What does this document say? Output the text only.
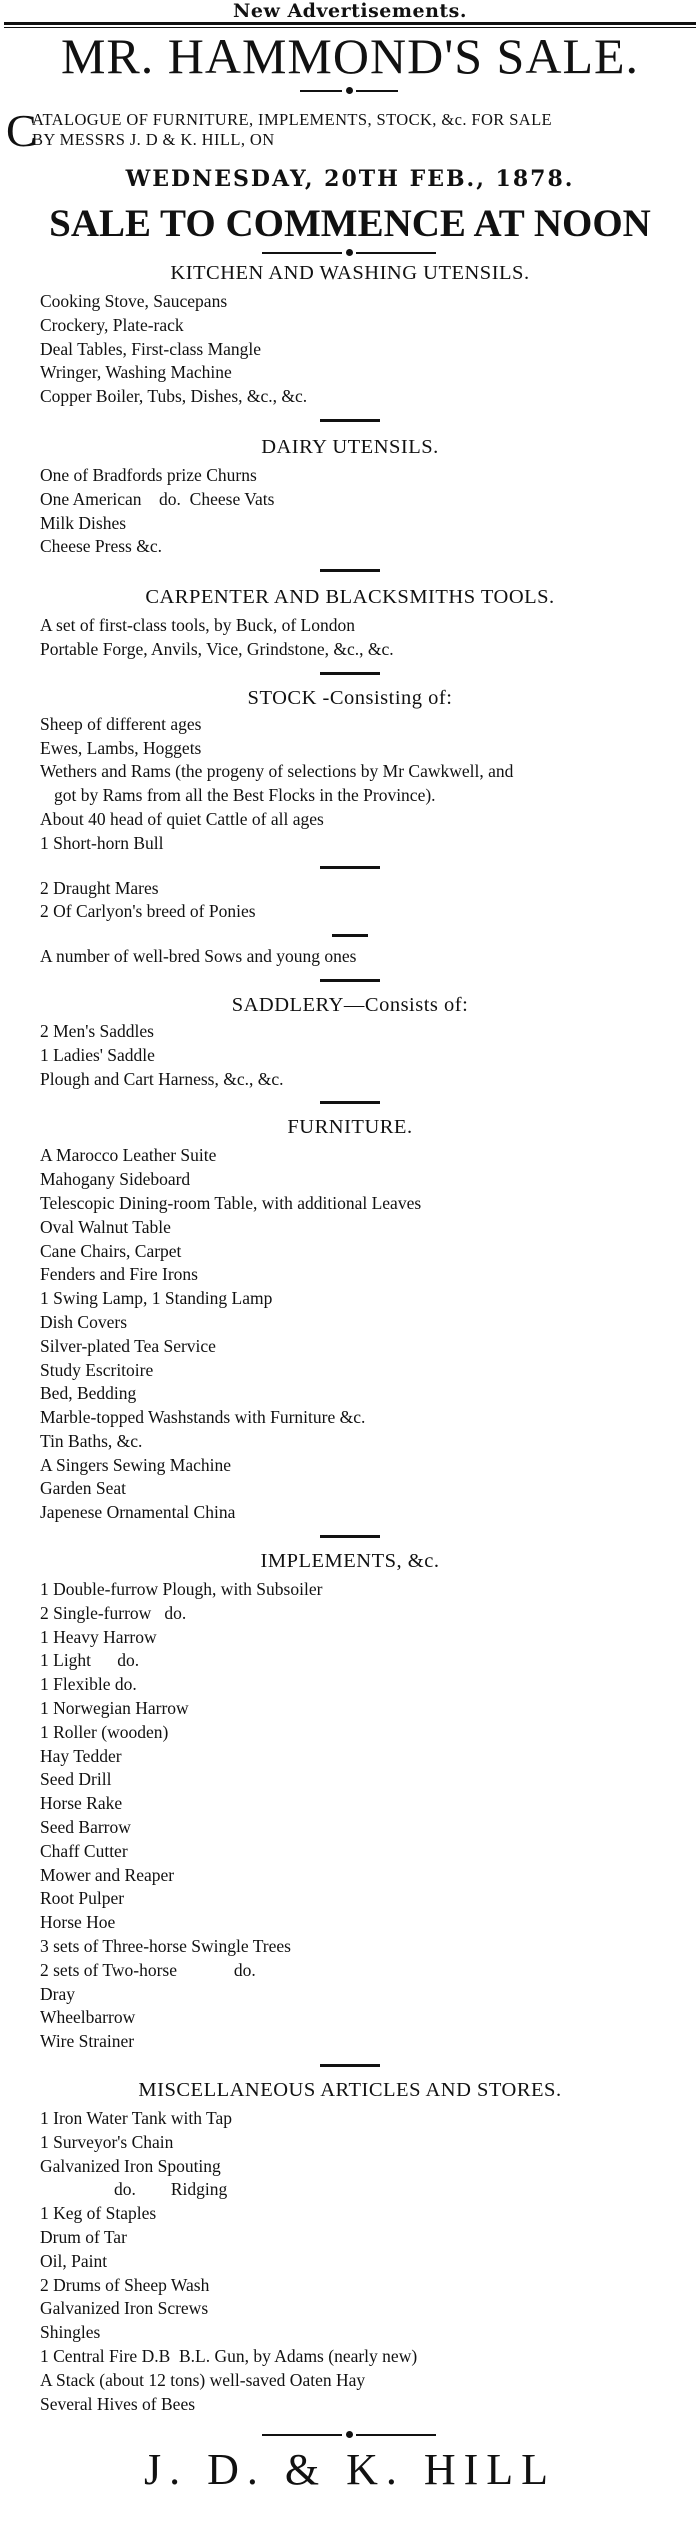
New Advertisements.
MR. HAMMOND'S SALE.
C
ATALOGUE OF FURNITURE, IMPLEMENTS, STOCK, &c. FOR SALE
BY MESSRS J. D & K. HILL, ON
WEDNESDAY, 20TH FEB., 1878.
SALE TO COMMENCE AT NOON
KITCHEN AND WASHING UTENSILS.
Cooking Stove, Saucepans
Crockery, Plate-rack
Deal Tables, First-class Mangle
Wringer, Washing Machine
Copper Boiler, Tubs, Dishes, &c., &c.
DAIRY UTENSILS.
One of Bradfords prize Churns
One American    do.  Cheese Vats
Milk Dishes
Cheese Press &c.
CARPENTER AND BLACKSMITHS TOOLS.
A set of first-class tools, by Buck, of London
Portable Forge, Anvils, Vice, Grindstone, &c., &c.
STOCK -Consisting of:
Sheep of different ages
Ewes, Lambs, Hoggets
Wethers and Rams (the progeny of selections by Mr Cawkwell, and
got by Rams from all the Best Flocks in the Province).
About 40 head of quiet Cattle of all ages
1 Short-horn Bull
2 Draught Mares
2 Of Carlyon's breed of Ponies
A number of well-bred Sows and young ones
SADDLERY—Consists of:
2 Men's Saddles
1 Ladies' Saddle
Plough and Cart Harness, &c., &c.
FURNITURE.
A Marocco Leather Suite
Mahogany Sideboard
Telescopic Dining-room Table, with additional Leaves
Oval Walnut Table
Cane Chairs, Carpet
Fenders and Fire Irons
1 Swing Lamp, 1 Standing Lamp
Dish Covers
Silver-plated Tea Service
Study Escritoire
Bed, Bedding
Marble-topped Washstands with Furniture &c.
Tin Baths, &c.
A Singers Sewing Machine
Garden Seat
Japenese Ornamental China
IMPLEMENTS, &c.
1 Double-furrow Plough, with Subsoiler
2 Single-furrow   do.
1 Heavy Harrow
1 Light      do.
1 Flexible do.
1 Norwegian Harrow
1 Roller (wooden)
Hay Tedder
Seed Drill
Horse Rake
Seed Barrow
Chaff Cutter
Mower and Reaper
Root Pulper
Horse Hoe
3 sets of Three-horse Swingle Trees
2 sets of Two-horse             do.
Dray
Wheelbarrow
Wire Strainer
MISCELLANEOUS ARTICLES AND STORES.
1 Iron Water Tank with Tap
1 Surveyor's Chain
Galvanized Iron Spouting
do.        Ridging
1 Keg of Staples
Drum of Tar
Oil, Paint
2 Drums of Sheep Wash
Galvanized Iron Screws
Shingles
1 Central Fire D.B  B.L. Gun, by Adams (nearly new)
A Stack (about 12 tons) well-saved Oaten Hay
Several Hives of Bees
J. D. & K. HILL
